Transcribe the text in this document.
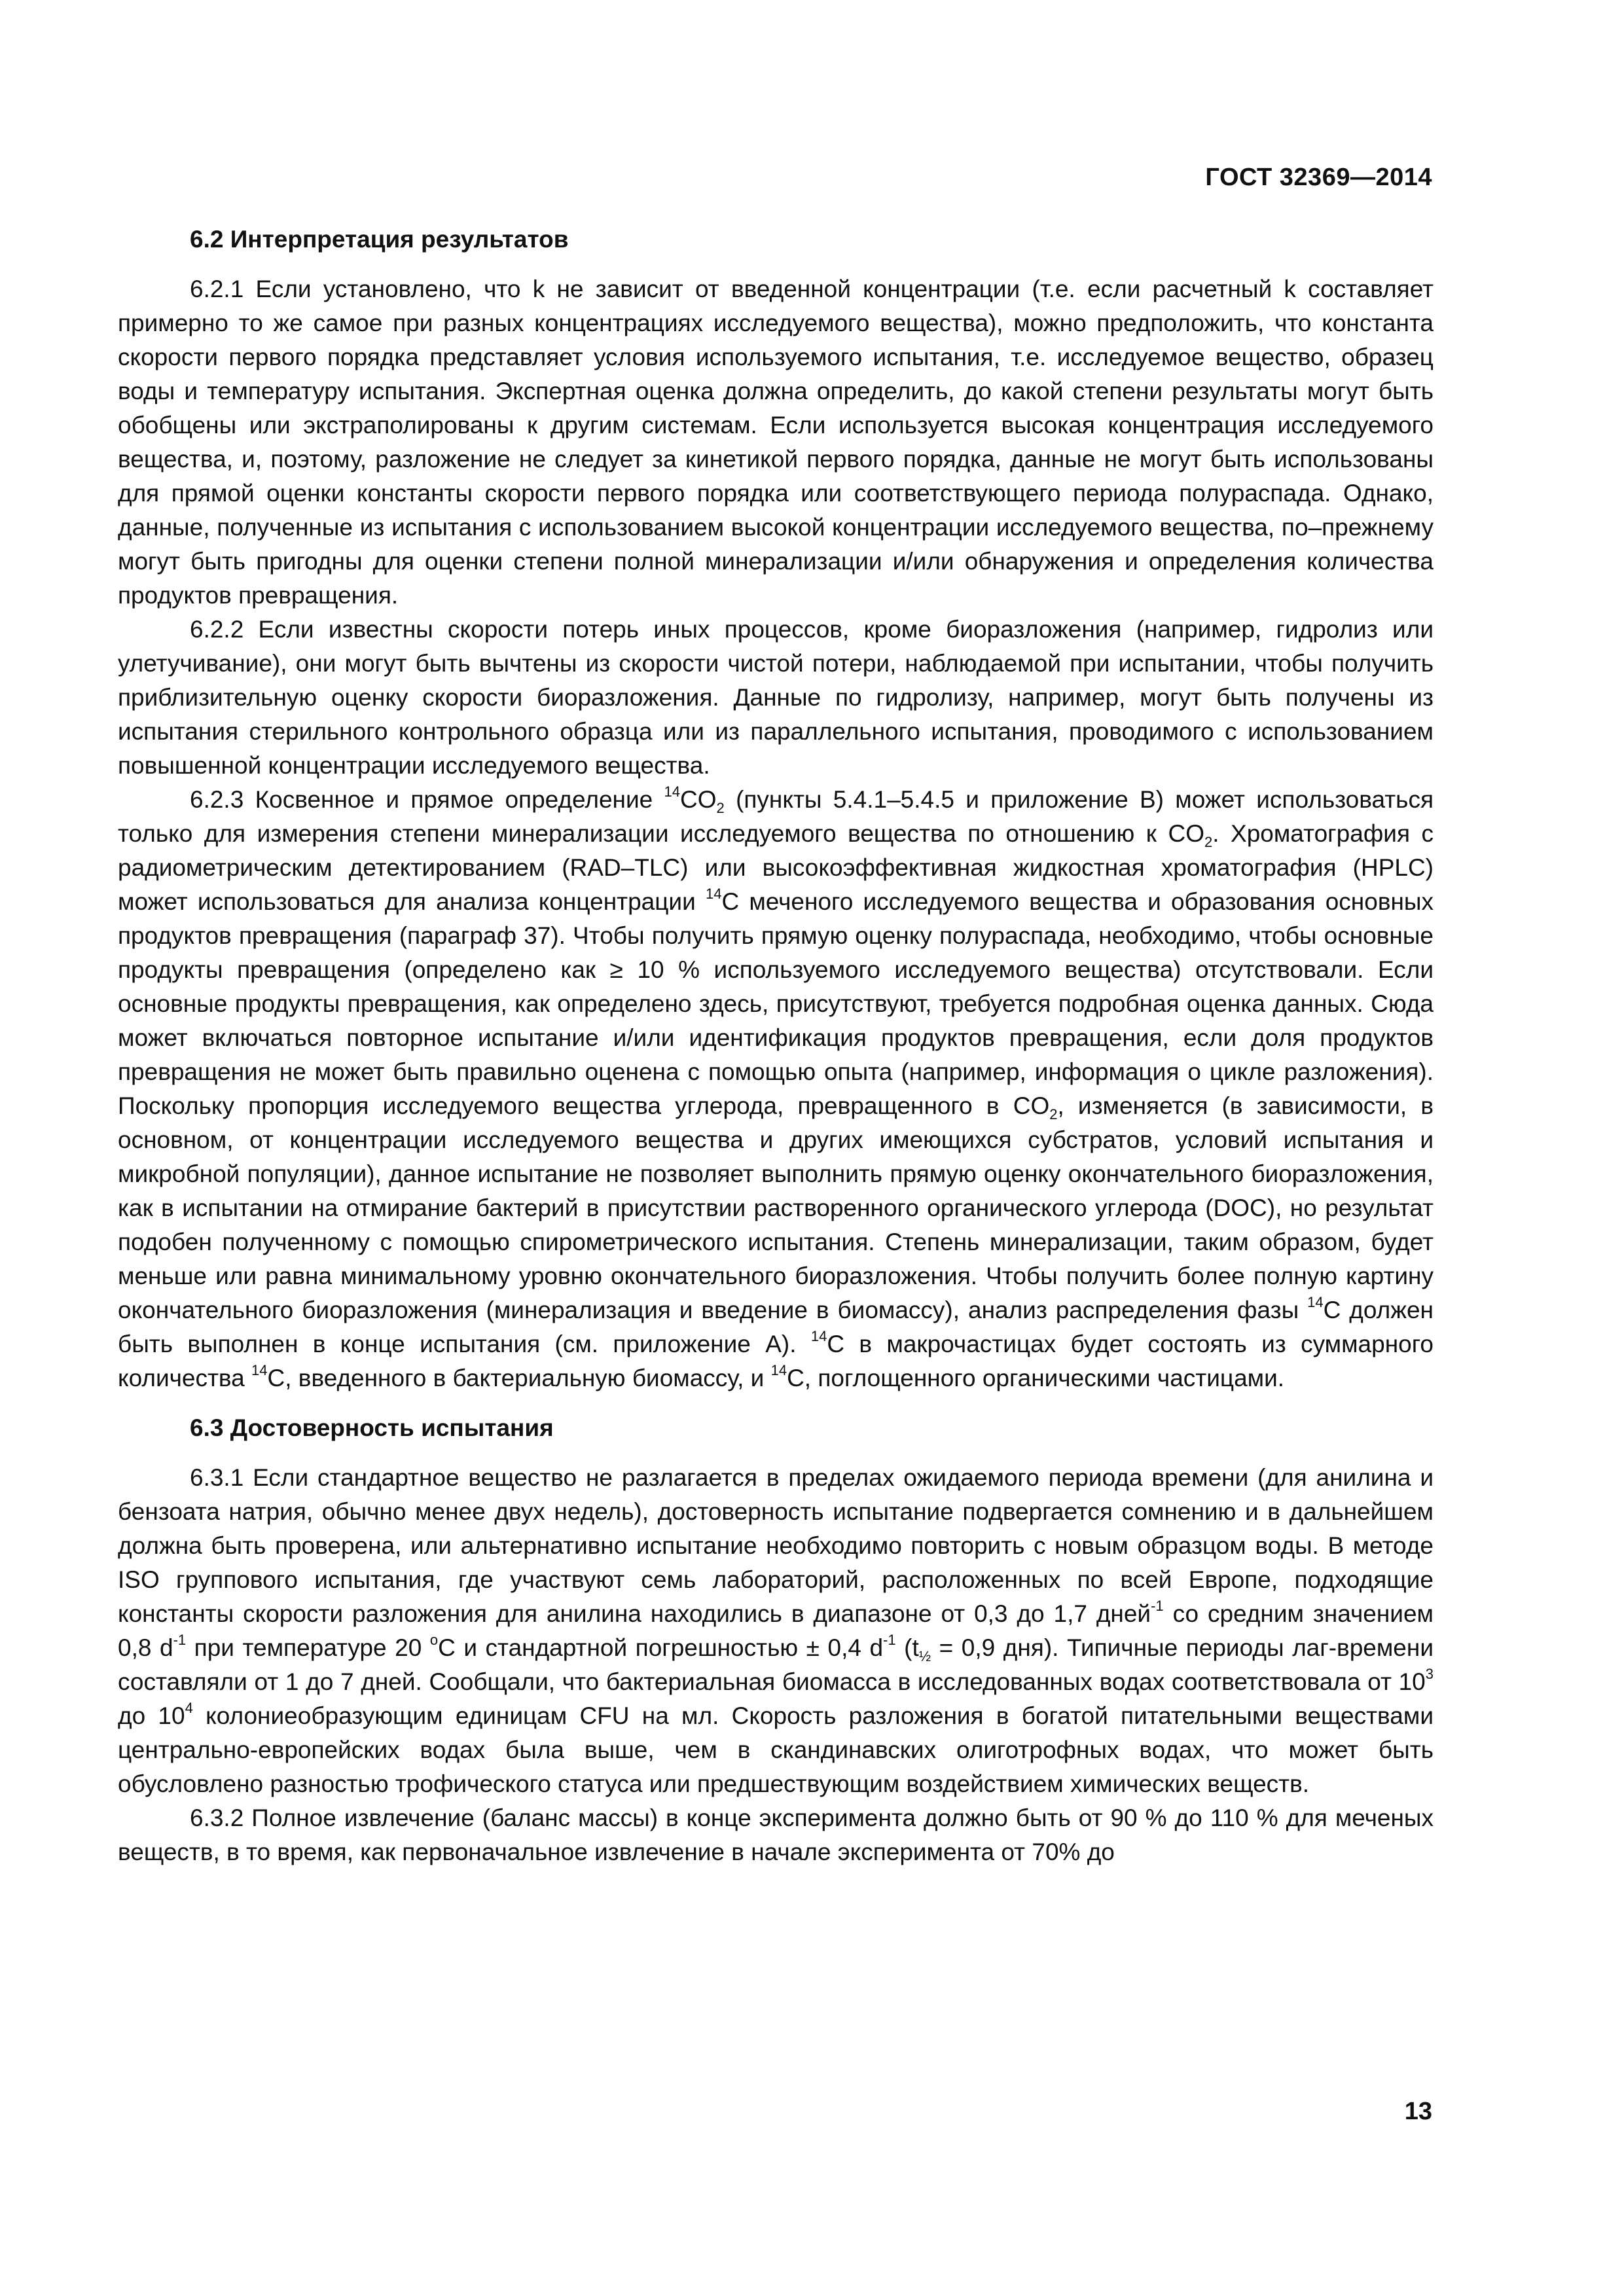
ГОСТ 32369—2014
6.2 Интерпретация результатов

6.2.1 Если установлено, что k не зависит от введенной концентрации (т.е. если расчетный k составляет примерно то же самое при разных концентрациях исследуемого вещества), можно предположить, что константа скорости первого порядка представляет условия используемого испытания, т.е. исследуемое вещество, образец воды и температуру испытания. Экспертная оценка должна определить, до какой степени результаты могут быть обобщены или экстраполированы к другим системам. Если используется высокая концентрация исследуемого вещества, и, поэтому, разложение не следует за кинетикой первого порядка, данные не могут быть использованы для прямой оценки константы скорости первого порядка или соответствующего периода полураспада. Однако, данные, полученные из испытания с использованием высокой концентрации исследуемого вещества, по–прежнему могут быть пригодны для оценки степени полной минерализации и/или обнаружения и определения количества продуктов превращения.

6.2.2 Если известны скорости потерь иных процессов, кроме биоразложения (например, гидролиз или улетучивание), они могут быть вычтены из скорости чистой потери, наблюдаемой при испытании, чтобы получить приблизительную оценку скорости биоразложения. Данные по гидролизу, например, могут быть получены из испытания стерильного контрольного образца или из параллельного испытания, проводимого с использованием повышенной концентрации исследуемого вещества.

6.2.3 Косвенное и прямое определение $^{14}CO_2$ (пункты 5.4.1–5.4.5 и приложение В) может использоваться только для измерения степени минерализации исследуемого вещества по отношению к $CO_2$. Хроматография с радиометрическим детектированием (RAD–TLC) или высокоэффективная жидкостная хроматография (HPLC) может использоваться для анализа концентрации $^{14}$C меченого исследуемого вещества и образования основных продуктов превращения (параграф 37). Чтобы получить прямую оценку полураспада, необходимо, чтобы основные продукты превращения (определено как ≥ 10 % используемого исследуемого вещества) отсутствовали. Если основные продукты превращения, как определено здесь, присутствуют, требуется подробная оценка данных. Сюда может включаться повторное испытание и/или идентификация продуктов превращения, если доля продуктов превращения не может быть правильно оценена с помощью опыта (например, информация о цикле разложения). Поскольку пропорция исследуемого вещества углерода, превращенного в $CO_2$, изменяется (в зависимости, в основном, от концентрации исследуемого вещества и других имеющихся субстратов, условий испытания и микробной популяции), данное испытание не позволяет выполнить прямую оценку окончательного биоразложения, как в испытании на отмирание бактерий в присутствии растворенного органического углерода (DOC), но результат подобен полученному с помощью спирометрического испытания. Степень минерализации, таким образом, будет меньше или равна минимальному уровню окончательного биоразложения. Чтобы получить более полную картину окончательного биоразложения (минерализация и введение в биомассу), анализ распределения фазы $^{14}$C должен быть выполнен в конце испытания (см. приложение А). $^{14}$C в макрочастицах будет состоять из суммарного количества $^{14}$C, введенного в бактериальную биомассу, и $^{14}$C, поглощенного органическими частицами.

6.3 Достоверность испытания

6.3.1 Если стандартное вещество не разлагается в пределах ожидаемого периода времени (для анилина и бензоата натрия, обычно менее двух недель), достоверность испытание подвергается сомнению и в дальнейшем должна быть проверена, или альтернативно испытание необходимо повторить с новым образцом воды. В методе ISO группового испытания, где участвуют семь лабораторий, расположенных по всей Европе, подходящие константы скорости разложения для анилина находились в диапазоне от 0,3 до 1,7 дней$^{-1}$ со средним значением 0,8 $d^{-1}$ при температуре 20 $^o$C и стандартной погрешностью ± 0,4 $d^{-1}$ ($t_{\frac{1}{2}} = 0,9$ дня). Типичные периоды лаг-времени составляли от 1 до 7 дней. Сообщали, что бактериальная биомасса в исследованных водах соответствовала от $10^3$ до $10^4$ колониеобразующим единицам CFU на мл. Скорость разложения в богатой питательными веществами центрально-европейских водах была выше, чем в скандинавских олиготрофных водах, что может быть обусловлено разностью трофического статуса или предшествующим воздействием химических веществ.

6.3.2 Полное извлечение (баланс массы) в конце эксперимента должно быть от 90 % до 110 % для меченых веществ, в то время, как первоначальное извлечение в начале эксперимента от 70% до

13
